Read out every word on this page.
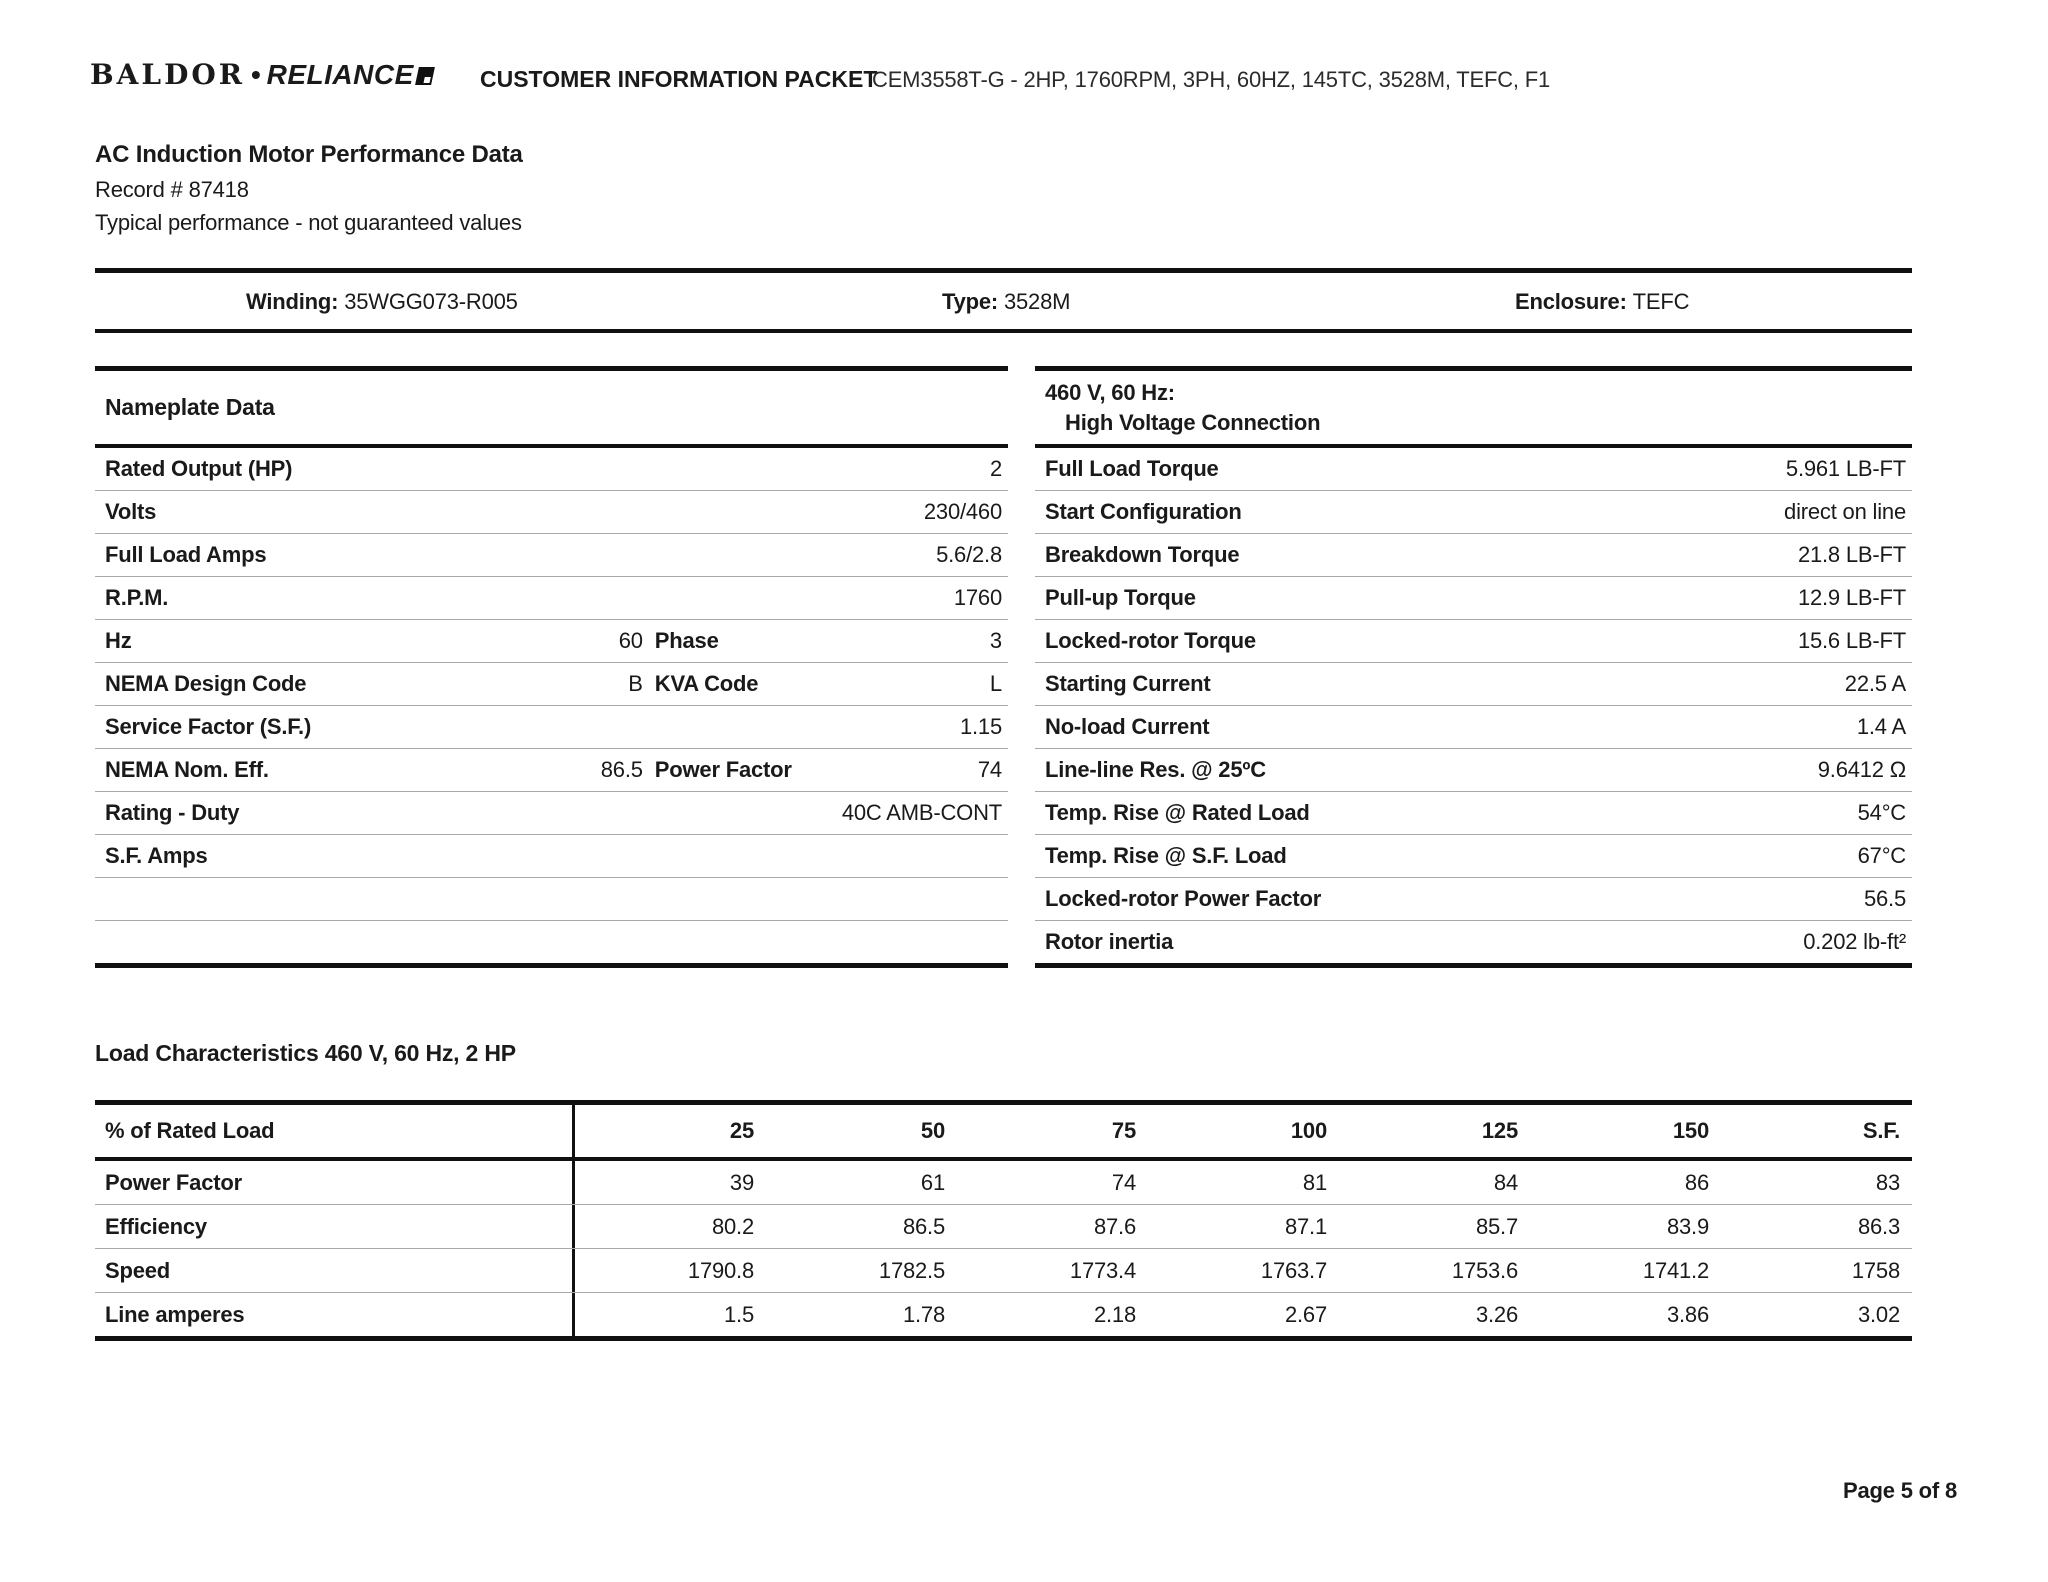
BALDOR • RELIANCE	CUSTOMER INFORMATION PACKET
CEM3558T-G - 2HP, 1760RPM, 3PH, 60HZ, 145TC, 3528M, TEFC, F1
AC Induction Motor Performance Data
Record # 87418
Typical performance - not guaranteed values
Winding: 35WGG073-R005	Type: 3528M	Enclosure: TEFC
Nameplate Data
Rated Output (HP)	2
Volts	230/460
Full Load Amps	5.6/2.8
R.P.M.	1760
Hz	60 Phase	3
NEMA Design Code	B KVA Code	L
Service Factor (S.F.)	1.15
NEMA Nom. Eff.	86.5 Power Factor	74
Rating - Duty	40C AMB-CONT
S.F. Amps
460 V, 60 Hz:
High Voltage Connection
Full Load Torque	5.961 LB-FT
Start Configuration	direct on line
Breakdown Torque	21.8 LB-FT
Pull-up Torque	12.9 LB-FT
Locked-rotor Torque	15.6 LB-FT
Starting Current	22.5 A
No-load Current	1.4 A
Line-line Res. @ 25ºC	9.6412 Ω
Temp. Rise @ Rated Load	54°C
Temp. Rise @ S.F. Load	67°C
Locked-rotor Power Factor	56.5
Rotor inertia	0.202 lb-ft²
Load Characteristics 460 V, 60 Hz, 2 HP
% of Rated Load	25	50	75	100	125	150	S.F.
Power Factor	39	61	74	81	84	86	83
Efficiency	80.2	86.5	87.6	87.1	85.7	83.9	86.3
Speed	1790.8	1782.5	1773.4	1763.7	1753.6	1741.2	1758
Line amperes	1.5	1.78	2.18	2.67	3.26	3.86	3.02
Page 5 of 8
